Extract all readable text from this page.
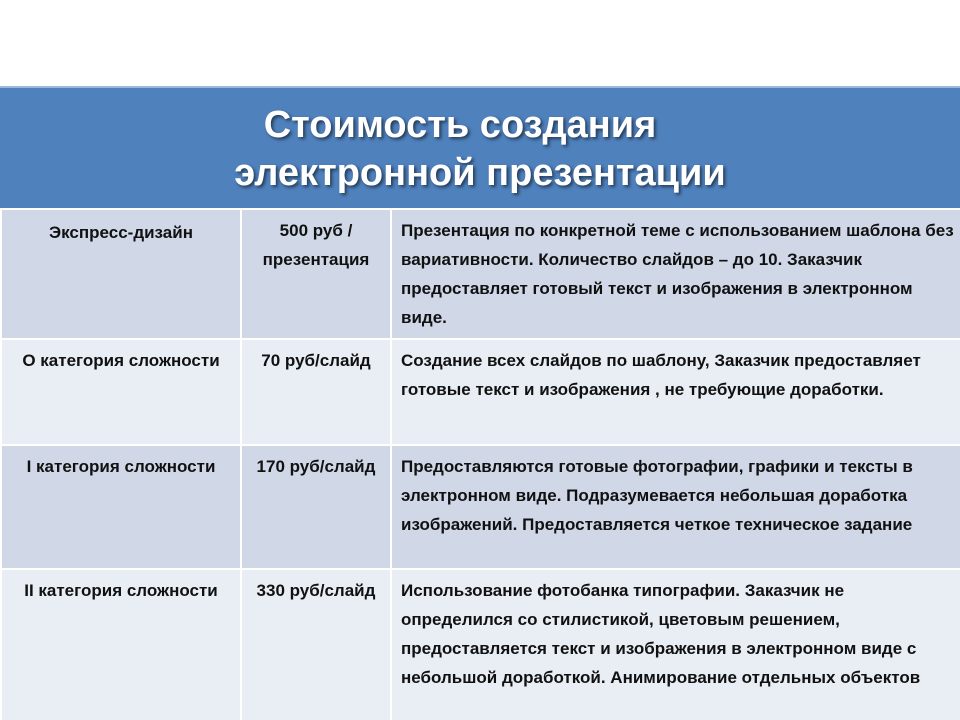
Стоимость создания
электронной презентации
Экспресс-дизайн	500 руб /презентация	Презентация по конкретной теме с использованием шаблона без вариативности. Количество слайдов – до 10. Заказчик предоставляет готовый текст и изображения в электронном виде.
О категория сложности	70 руб/слайд	Создание всех слайдов по шаблону, Заказчик предоставляет готовые текст и изображения , не требующие доработки.
I категория сложности	170 руб/слайд	Предоставляются готовые фотографии, графики и тексты в электронном виде. Подразумевается небольшая доработка изображений. Предоставляется четкое техническое задание
II категория сложности	330 руб/слайд	Использование фотобанка типографии. Заказчик не определился со стилистикой, цветовым решением, предоставляется текст и изображения в электронном виде с небольшой доработкой. Анимирование отдельных объектов
